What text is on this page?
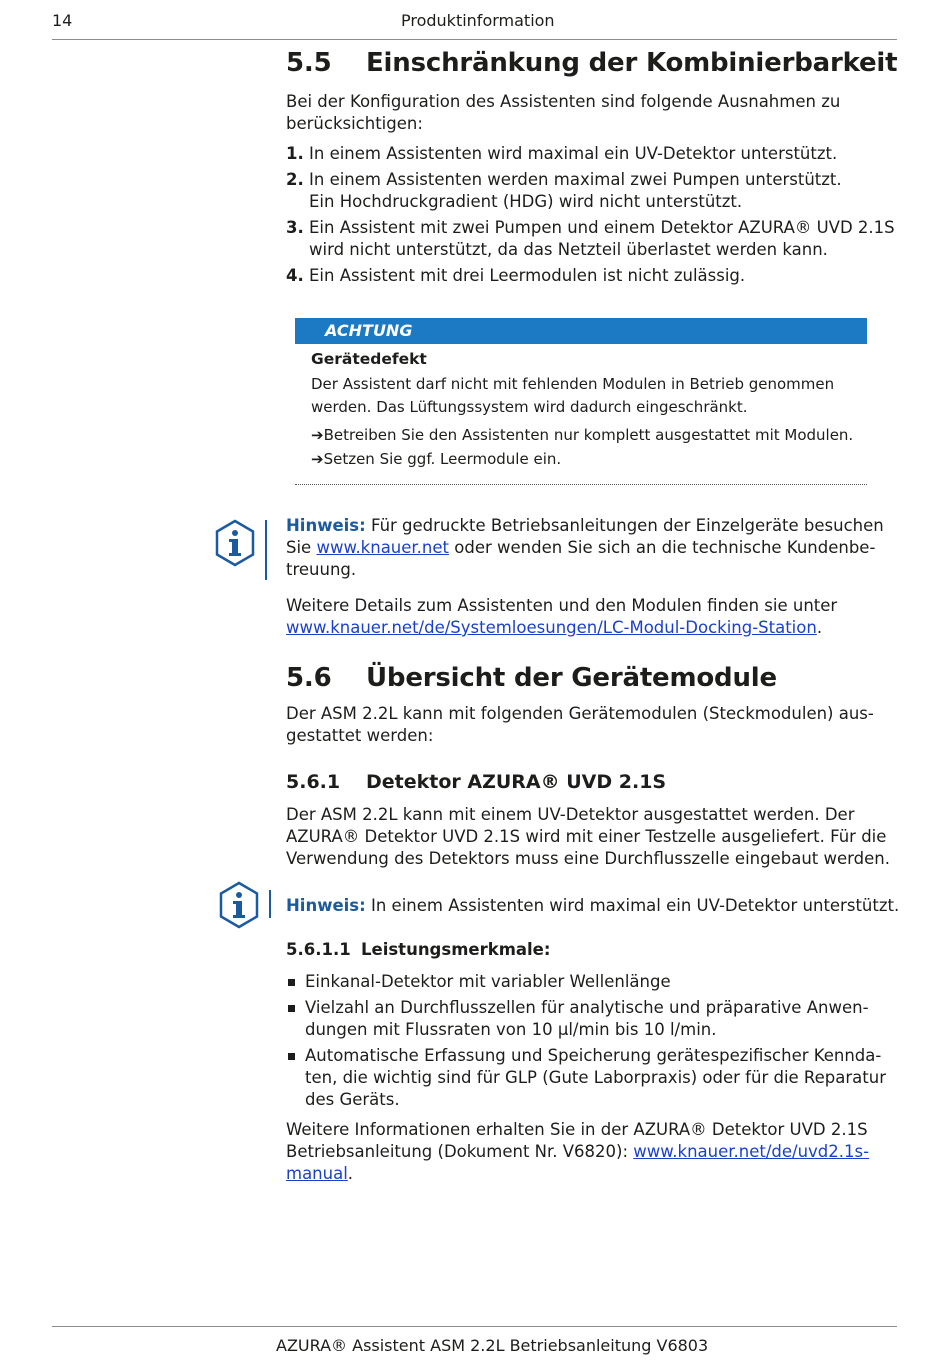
14	Produktinformation
5.5 Einschränkung der Kombinierbarkeit
Bei der Konfiguration des Assistenten sind folgende Ausnahmen zu berücksichtigen:
1. In einem Assistenten wird maximal ein UV-Detektor unterstützt.
2. In einem Assistenten werden maximal zwei Pumpen unterstützt.
Ein Hochdruckgradient (HDG) wird nicht unterstützt.
3. Ein Assistent mit zwei Pumpen und einem Detektor AZURA® UVD 2.1S wird nicht unterstützt, da das Netzteil überlastet werden kann.
4. Ein Assistent mit drei Leermodulen ist nicht zulässig.
ACHTUNG
Gerätedefekt
Der Assistent darf nicht mit fehlenden Modulen in Betrieb genommen werden. Das Lüftungssystem wird dadurch eingeschränkt.
➔Betreiben Sie den Assistenten nur komplett ausgestattet mit Modulen.
➔Setzen Sie ggf. Leermodule ein.
Hinweis: Für gedruckte Betriebsanleitungen der Einzelgeräte besuchen Sie www.knauer.net oder wenden Sie sich an die technische Kundenbetreuung.
Weitere Details zum Assistenten und den Modulen finden sie unter www.knauer.net/de/Systemloesungen/LC-Modul-Docking-Station.
5.6 Übersicht der Gerätemodule
Der ASM 2.2L kann mit folgenden Gerätemodulen (Steckmodulen) ausgestattet werden:
5.6.1 Detektor AZURA® UVD 2.1S
Der ASM 2.2L kann mit einem UV-Detektor ausgestattet werden. Der AZURA® Detektor UVD 2.1S wird mit einer Testzelle ausgeliefert. Für die Verwendung des Detektors muss eine Durchflusszelle eingebaut werden.
Hinweis: In einem Assistenten wird maximal ein UV-Detektor unterstützt.
5.6.1.1 Leistungsmerkmale:
Einkanal-Detektor mit variabler Wellenlänge
Vielzahl an Durchflusszellen für analytische und präparative Anwendungen mit Flussraten von 10 µl/min bis 10 l/min.
Automatische Erfassung und Speicherung gerätespezifischer Kenndaten, die wichtig sind für GLP (Gute Laborpraxis) oder für die Reparatur des Geräts.
Weitere Informationen erhalten Sie in der AZURA® Detektor UVD 2.1S Betriebsanleitung (Dokument Nr. V6820): www.knauer.net/de/uvd2.1s-manual.
AZURA® Assistent ASM 2.2L Betriebsanleitung V6803
